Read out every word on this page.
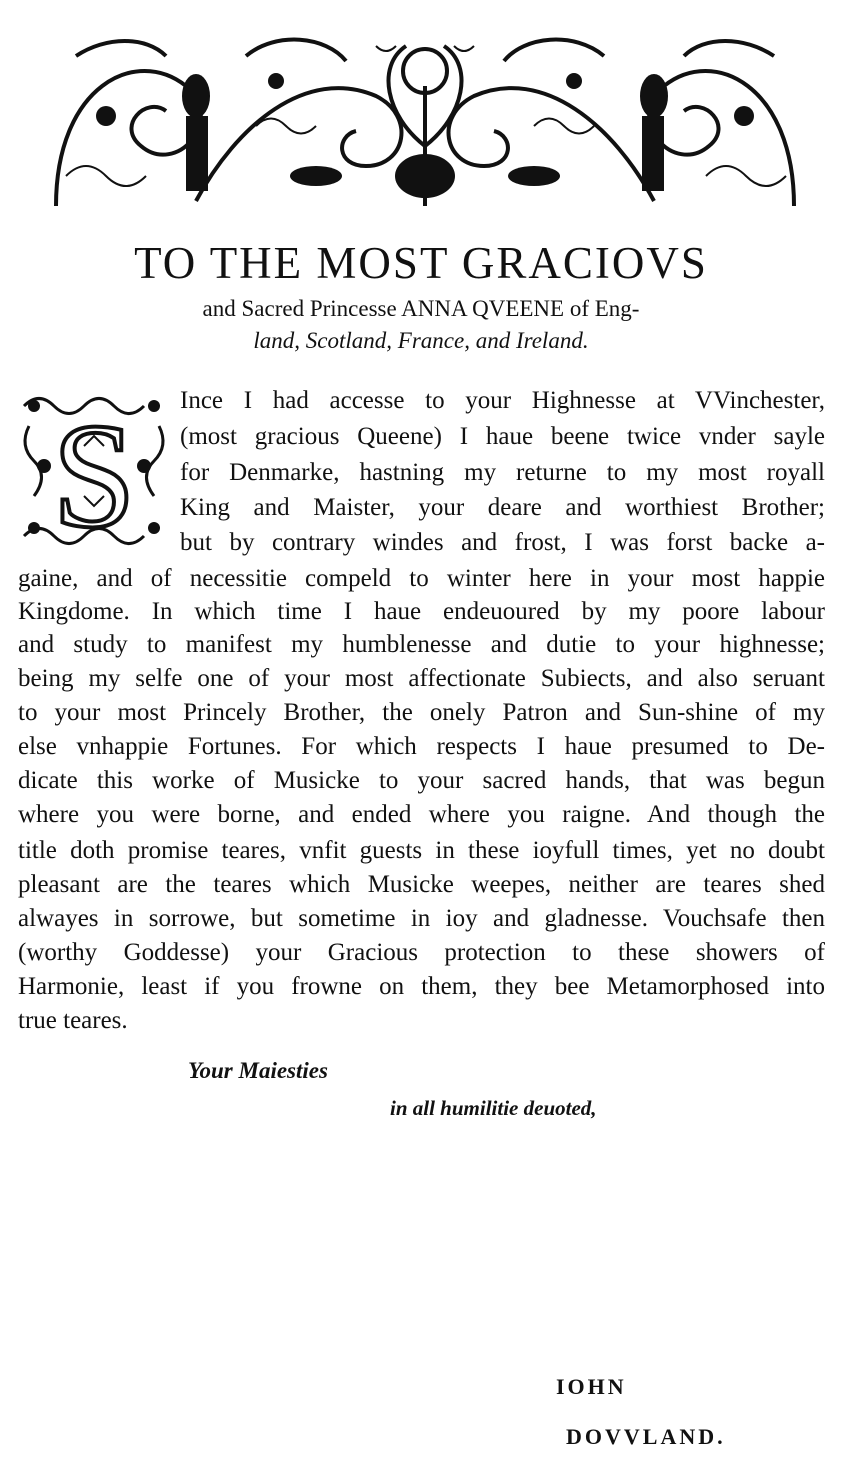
TO THE MOST GRACIOVS
and Sacred Princesse ANNA QVEENE of Eng-
land, Scotland, France, and Ireland.
S Ince I had accesse to your Highnesse at VVinchester,
(most gracious Queene) I haue beene twice vnder sayle
for Denmarke, hastning my returne to my most royall
King and Maister, your deare and worthiest Brother;
but by contrary windes and frost, I was forst backe a-
gaine, and of necessitie compeld to winter here in your most happie
Kingdome. In which time I haue endeuoured by my poore labour
and study to manifest my humblenesse and dutie to your highnesse;
being my selfe one of your most affectionate Subiects, and also seruant
to your most Princely Brother, the onely Patron and Sun-shine of my
else vnhappie Fortunes. For which respects I haue presumed to De-
dicate this worke of Musicke to your sacred hands, that was begun
where you were borne, and ended where you raigne. And though the
title doth promise teares, vnfit guests in these ioyfull times, yet no doubt
pleasant are the teares which Musicke weepes, neither are teares shed
alwayes in sorrowe, but sometime in ioy and gladnesse. Vouchsafe then
(worthy Goddesse) your Gracious protection to these showers of
Harmonie, least if you frowne on them, they bee Metamorphosed into
true teares.
Your Maiesties
in all humilitie deuoted,
IOHN
DOVVLAND.
